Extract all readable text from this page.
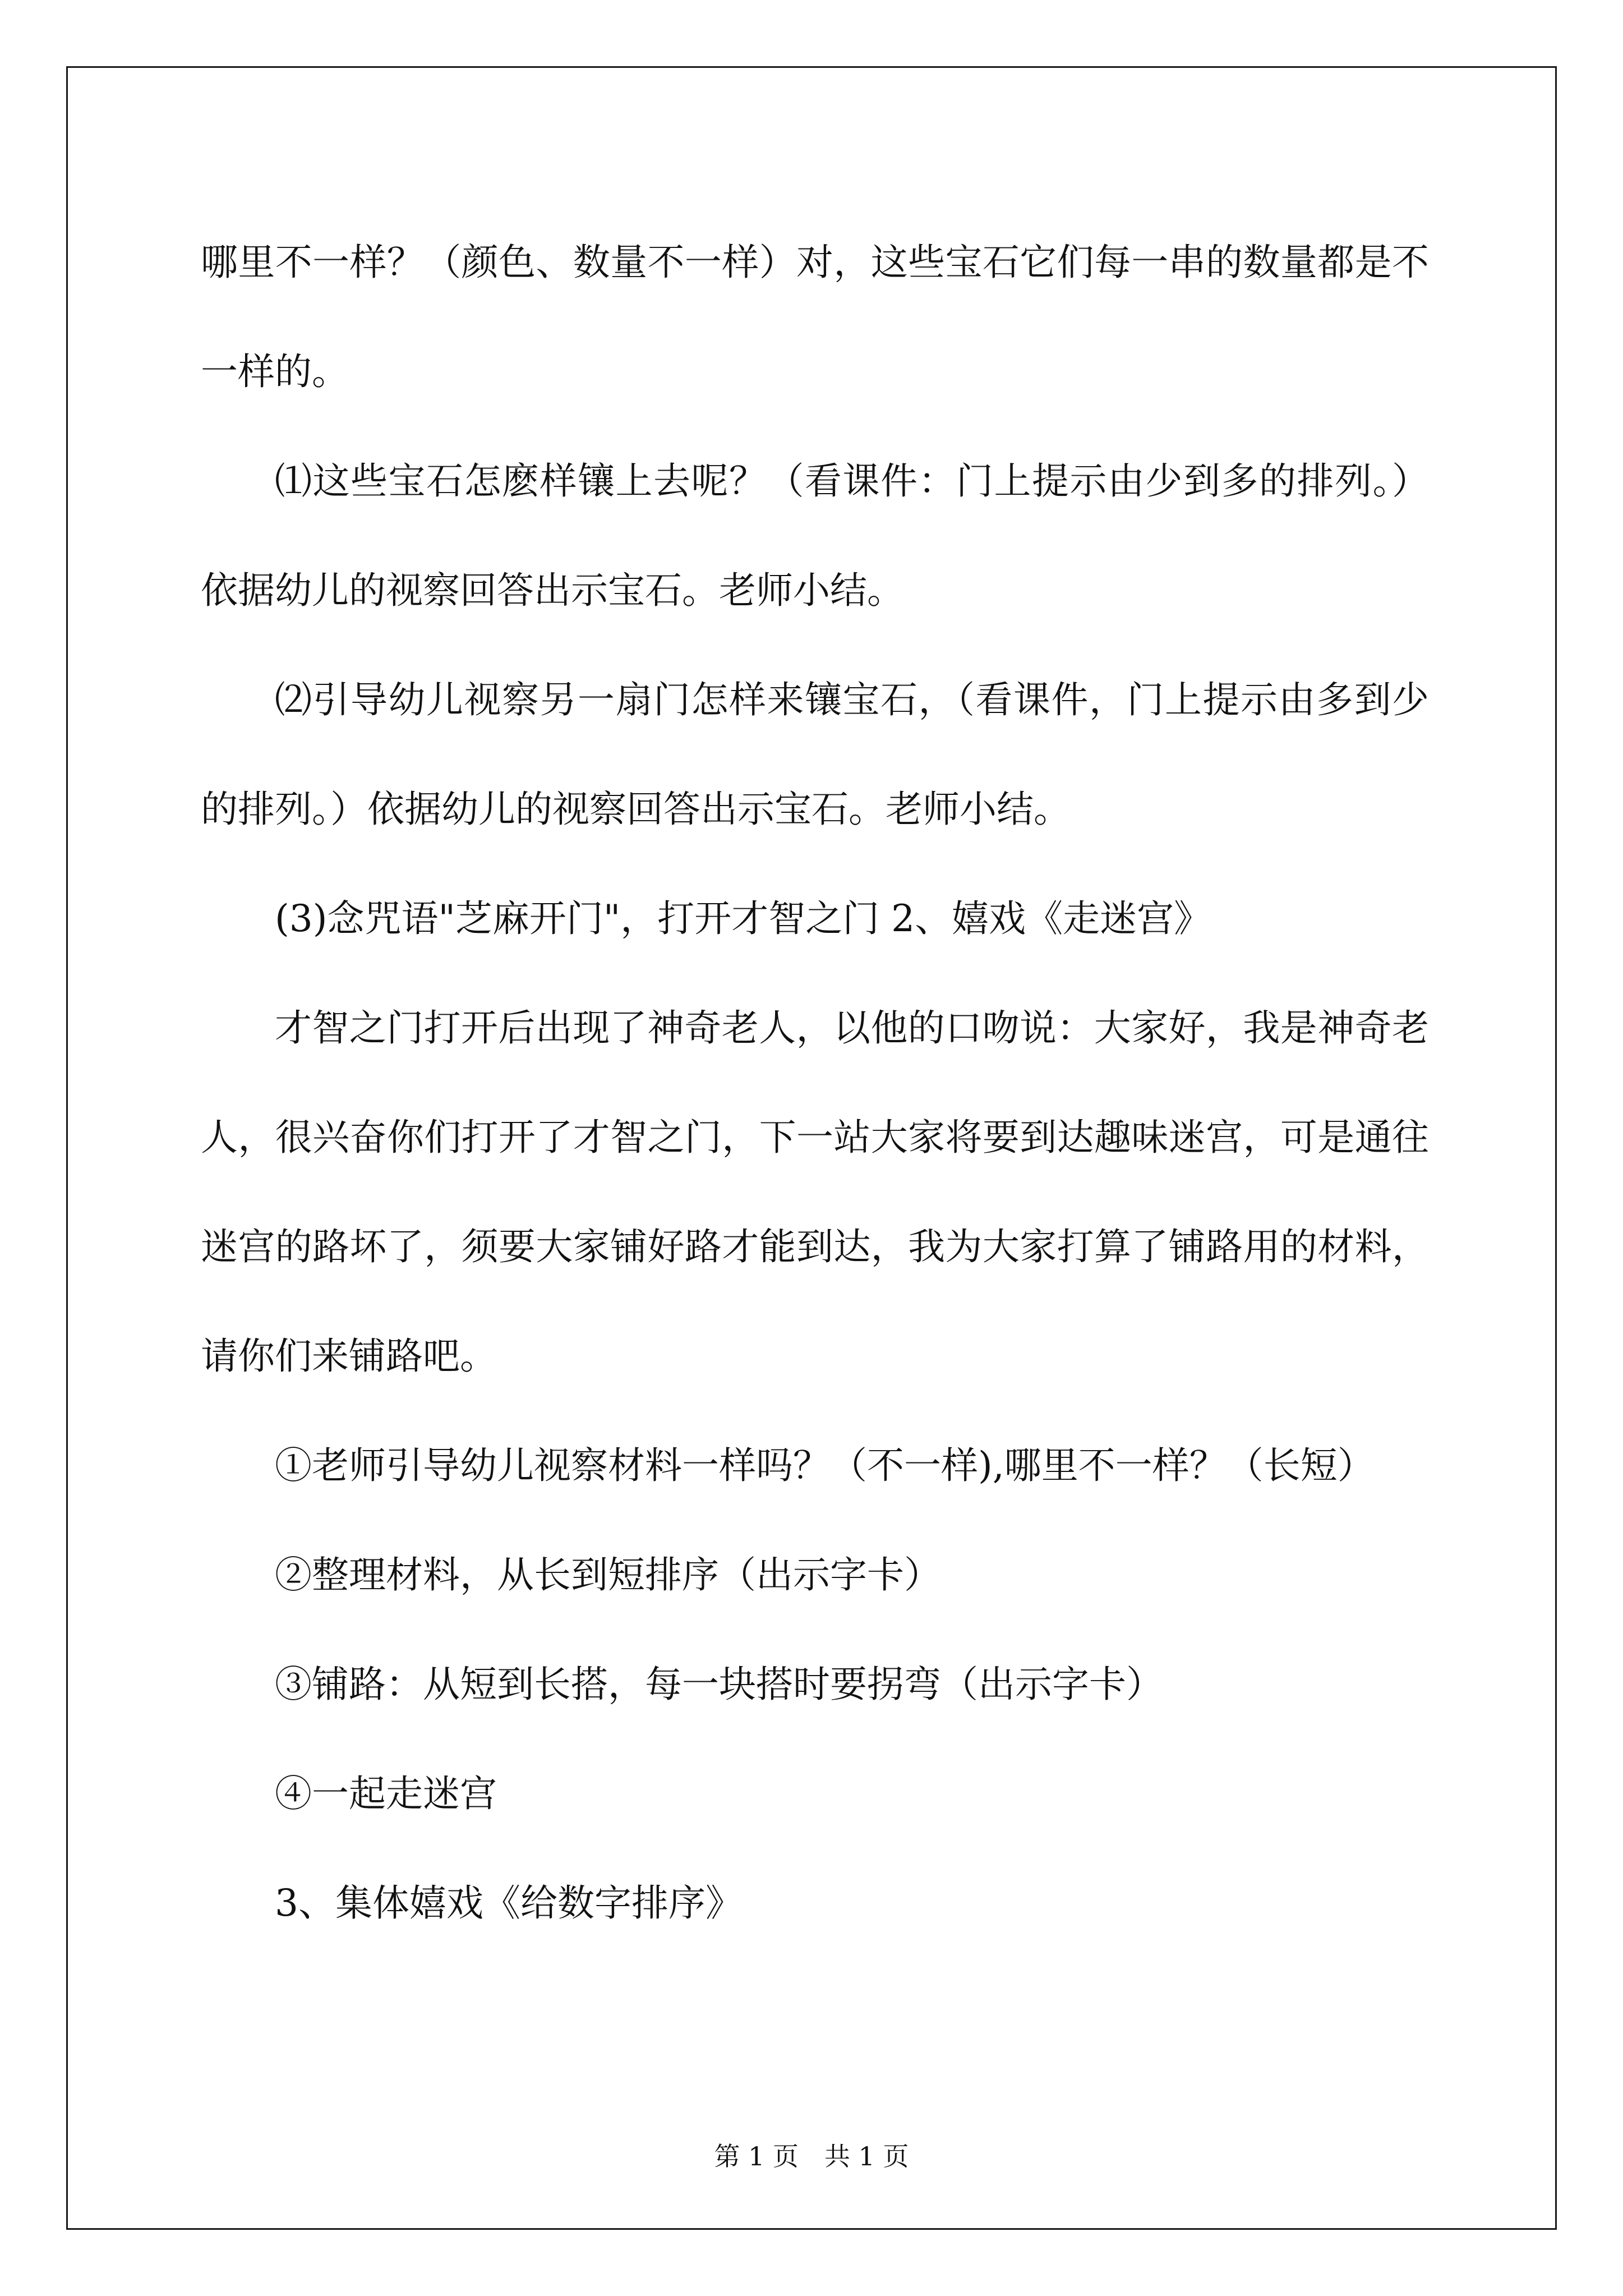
哪里不一样？（颜色、数量不一样）对，这些宝石它们每一串的数量都是不一样的。

⑴这些宝石怎麽样镶上去呢？（看课件：门上提示由少到多的排列。）依据幼儿的视察回答出示宝石。老师小结。

⑵引导幼儿视察另一扇门怎样来镶宝石，（看课件，门上提示由多到少的排列。）依据幼儿的视察回答出示宝石。老师小结。

(3)念咒语"芝麻开门"，打开才智之门 2、嬉戏《走迷宫》

才智之门打开后出现了神奇老人，以他的口吻说：大家好，我是神奇老人，很兴奋你们打开了才智之门，下一站大家将要到达趣味迷宫，可是通往迷宫的路坏了，须要大家铺好路才能到达，我为大家打算了铺路用的材料，请你们来铺路吧。

①老师引导幼儿视察材料一样吗？（不一样),哪里不一样？（长短）

②整理材料，从长到短排序（出示字卡）

③铺路：从短到长搭，每一块搭时要拐弯（出示字卡）

④一起走迷宫

3、集体嬉戏《给数字排序》

第 1 页　共 1 页
